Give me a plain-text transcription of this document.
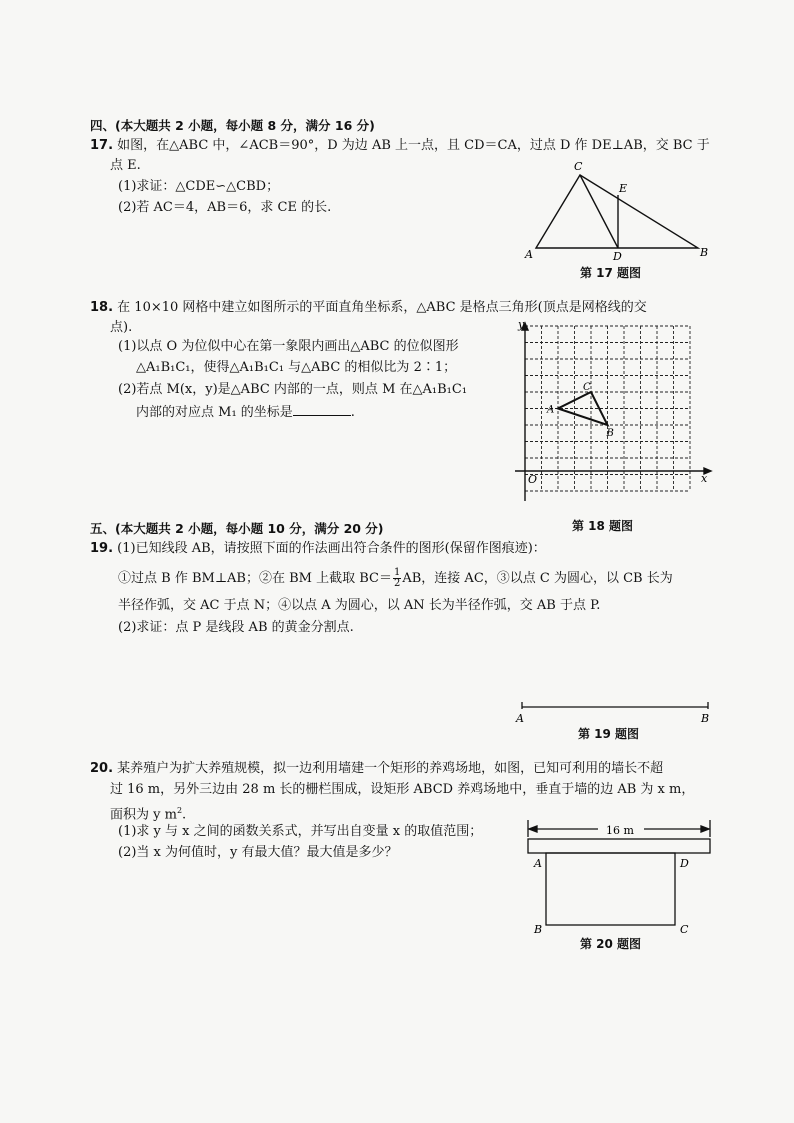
四、(本大题共 2 小题，每小题 8 分，满分 16 分)
17. 如图，在△ABC 中，∠ACB＝90°，D 为边 AB 上一点，且 CD＝CA，过点 D 作 DE⊥AB，交 BC 于
点 E.
(1)求证：△CDE∽△CBD；
(2)若 AC＝4，AB＝6，求 CE 的长.
A	B
C
D
E
第 17 题图
18. 在 10×10 网格中建立如图所示的平面直角坐标系，△ABC 是格点三角形(顶点是网格线的交
点).
(1)以点 O 为位似中心在第一象限内画出△ABC 的位似图形
△A₁B₁C₁，使得△A₁B₁C₁ 与△ABC 的相似比为 2∶1；
(2)若点 M(x，y)是△ABC 内部的一点，则点 M 在△A₁B₁C₁
内部的对应点 M₁ 的坐标是	.
x
y
O
A
B
C
第 18 题图
五、(本大题共 2 小题，每小题 10 分，满分 20 分)
19. (1)已知线段 AB，请按照下面的作法画出符合条件的图形(保留作图痕迹)：
①过点 B 作 BM⊥AB；②在 BM 上截取 $BC= \frac{1}{2}$ AB，连接 AC，③以点 C 为圆心，以 CB 长为
半径作弧，交 AC 于点 N；④以点 A 为圆心，以 AN 长为半径作弧，交 AB 于点 P.
(2)求证：点 P 是线段 AB 的黄金分割点.
A	B
第 19 题图
20. 某养殖户为扩大养殖规模，拟一边利用墙建一个矩形的养鸡场地，如图，已知可利用的墙长不超
过 16 m，另外三边由 28 m 长的栅栏围成，设矩形 ABCD 养鸡场地中，垂直于墙的边 AB 为 x m，
面积为 y $m^2$.
(1)求 y 与 x 之间的函数关系式，并写出自变量 x 的取值范围；
(2)当 x 为何值时，y 有最大值？最大值是多少？
16 m
A	D
B	C
第 20 题图
